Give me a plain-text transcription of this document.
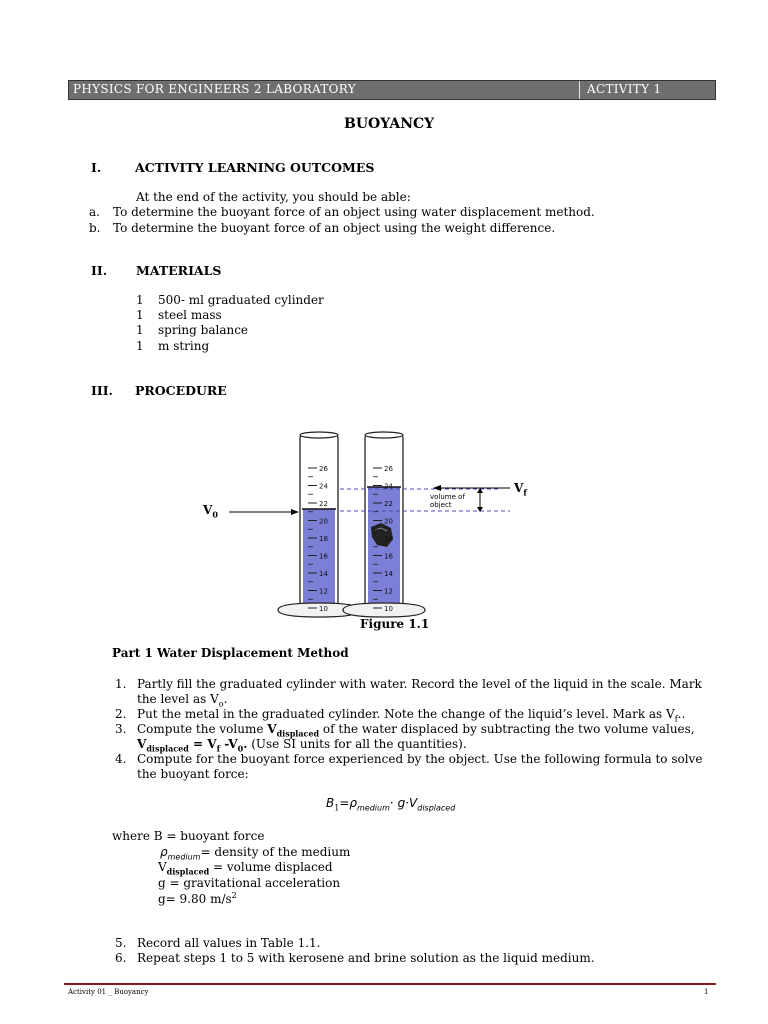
PHYSICS FOR ENGINEERS 2 LABORATORY	ACTIVITY 1
BUOYANCY
I.	ACTIVITY LEARNING OUTCOMES
At the end of the activity, you should be able:
a. To determine the buoyant force of an object using water displacement method.
b. To determine the buoyant force of an object using the weight difference.
II. MATERIALS
1 500- ml graduated cylinder
1 steel mass
1 spring balance
1 m string
III. PROCEDURE
26
24
22
20
18
16
14
12
10
26
24
22
20
18
16
14
12
10
$V_0$
$V_f$
volume of
object
Figure 1.1
Part 1 Water Displacement Method
1. Partly fill the graduated cylinder with water. Record the level of the liquid in the scale. Mark
the level as $V_o$.
2. Put the metal in the graduated cylinder. Note the change of the liquid’s level. Mark as $V_f$..
3. Compute the volume $V_{displaced}$ of the water displaced by subtracting the two volume values,
$V_{displaced} = V_f$ $-V_0$. (Use SI units for all the quantities).
4. Compute for the buoyant force experienced by the object. Use the following formula to solve
the buoyant force:
$B_1=\rho_{medium}\cdot g\cdot V_{displaced}$
where B = buoyant force
$\rho_{medium}=$ density of the medium
$V_{displaced}$ = volume displaced
g = gravitational acceleration
g= 9.80 $m/s^2$
5. Record all values in Table 1.1.
6. Repeat steps 1 to 5 with kerosene and brine solution as the liquid medium.
Activity 01 _ Buoyancy	1
